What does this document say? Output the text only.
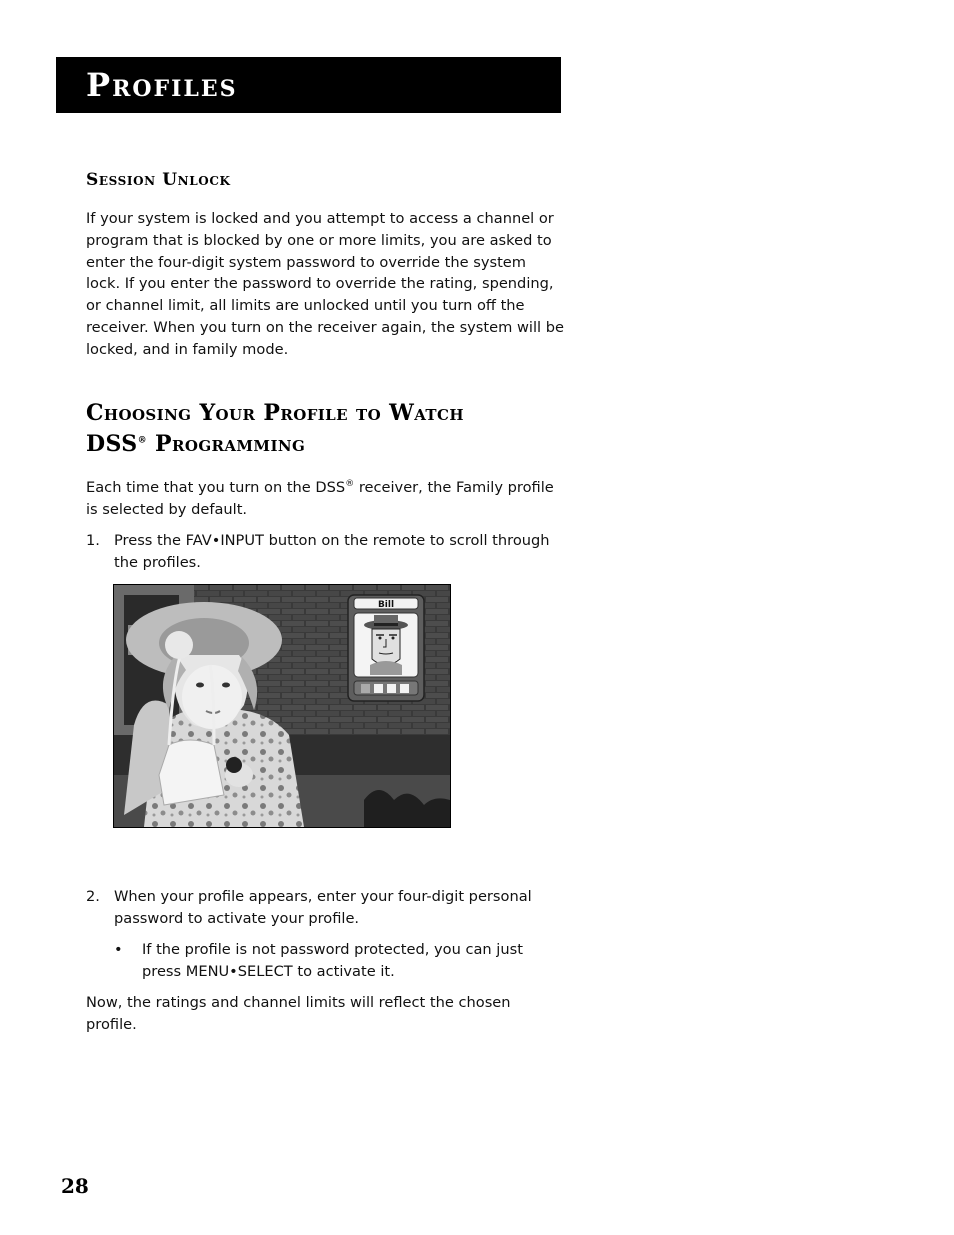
Profiles
Session Unlock

If your system is locked and you attempt to access a channel or program that is blocked by one or more limits, you are asked to enter the four-digit system password to override the system lock. If you enter the password to override the rating, spending, or channel limit, all limits are unlocked until you turn off the receiver. When you turn on the receiver again, the system will be locked, and in family mode.

Choosing Your Profile to Watch
DSS® Programming

Each time that you turn on the DSS® receiver, the Family profile is selected by default.

1. Press the FAV•INPUT button on the remote to scroll through the profiles.
Bill
2. When your profile appears, enter your four-digit personal password to activate your profile.
• If the profile is not password protected, you can just press MENU•SELECT to activate it.

Now, the ratings and channel limits will reflect the chosen profile.

28
